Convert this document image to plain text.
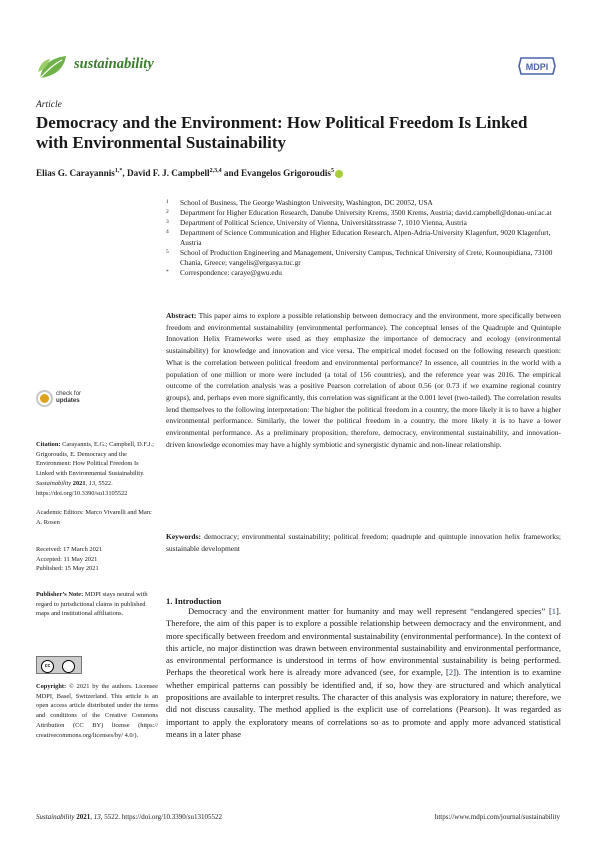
sustainability	MDPI
Article
Democracy and the Environment: How Political Freedom Is Linked with Environmental Sustainability
Elias G. Carayannis$^{1,*}$, David F. J. Campbell$^{2,3,4}$ and Evangelos Grigoroudis$^5$
1 School of Business, The George Washington University, Washington, DC 20052, USA
2 Department for Higher Education Research, Danube University Krems, 3500 Krems, Austria; david.campbell@donau-uni.ac.at
3 Department of Political Science, University of Vienna, Universitätsstrasse 7, 1010 Vienna, Austria
4 Department of Science Communication and Higher Education Research, Alpen-Adria-University Klagenfurt, 9020 Klagenfurt, Austria
5 School of Production Engineering and Management, University Campus, Technical University of Crete, Kounoupidiana, 73100 Chania, Greece; vangelis@ergasya.tuc.gr
* Correspondence: caraye@gwu.edu

Abstract: This paper aims to explore a possible relationship between democracy and the environment, more specifically between freedom and environmental sustainability (environmental performance). The conceptual lenses of the Quadruple and Quintuple Innovation Helix Frameworks were used as they emphasize the importance of democracy and ecology (environmental sustainability) for knowledge and innovation and vice versa. The empirical model focused on the following research question: What is the correlation between political freedom and environmental performance? In essence, all countries in the world with a population of one million or more were included (a total of 156 countries), and the reference year was 2016. The empirical outcome of the correlation analysis was a positive Pearson correlation of about 0.56 (or 0.73 if we examine regional country groups), and, perhaps even more significantly, this correlation was significant at the 0.001 level (two-tailed). The correlation results lend themselves to the following interpretation: The higher the political freedom in a country, the more likely it is to have a higher environmental performance. Similarly, the lower the political freedom in a country, the more likely it is to have a lower environmental performance. As a preliminary proposition, therefore, democracy, environmental sustainability, and innovation-driven knowledge economies may have a highly symbiotic and synergistic dynamic and non-linear relationship.

Keywords: democracy; environmental sustainability; political freedom; quadruple and quintuple innovation helix frameworks; sustainable development

check for
updates

Citation: Carayannis, E.G.; Campbell, D.F.J.; Grigoroudis, E. Democracy and the Environment: How Political Freedom Is Linked with Environmental Sustainability. Sustainability 2021, 13, 5522. https://doi.org/10.3390/su13105522

Academic Editors: Marco Vivarelli and Marc A. Rosen

Received: 17 March 2021
Accepted: 11 May 2021
Published: 15 May 2021

Publisher’s Note: MDPI stays neutral with regard to jurisdictional claims in published maps and institutional affiliations.

cc

Copyright: © 2021 by the authors. Licensee MDPI, Basel, Switzerland. This article is an open access article distributed under the terms and conditions of the Creative Commons Attribution (CC BY) license (https:// creativecommons.org/licenses/by/ 4.0/).

1. Introduction

Democracy and the environment matter for humanity and may well represent “endangered species” [1]. Therefore, the aim of this paper is to explore a possible relationship between democracy and the environment, and more specifically between freedom and environmental sustainability (environmental performance). In the context of this article, no major distinction was drawn between environmental sustainability and environmental performance, as environmental performance is understood in terms of how environmental sustainability is being performed. Perhaps the theoretical work here is already more advanced (see, for example, [2]). The intention is to examine whether empirical patterns can possibly be identified and, if so, how they are structured and which analytical propositions are available to interpret results. The character of this analysis was exploratory in nature; therefore, we did not discuss causality. The method applied is the explicit use of correlations (Pearson). It was regarded as important to apply the exploratory means of correlations so as to promote and apply more advanced statistical means in a later phase

Sustainability 2021, 13, 5522. https://doi.org/10.3390/su13105522	https://www.mdpi.com/journal/sustainability
